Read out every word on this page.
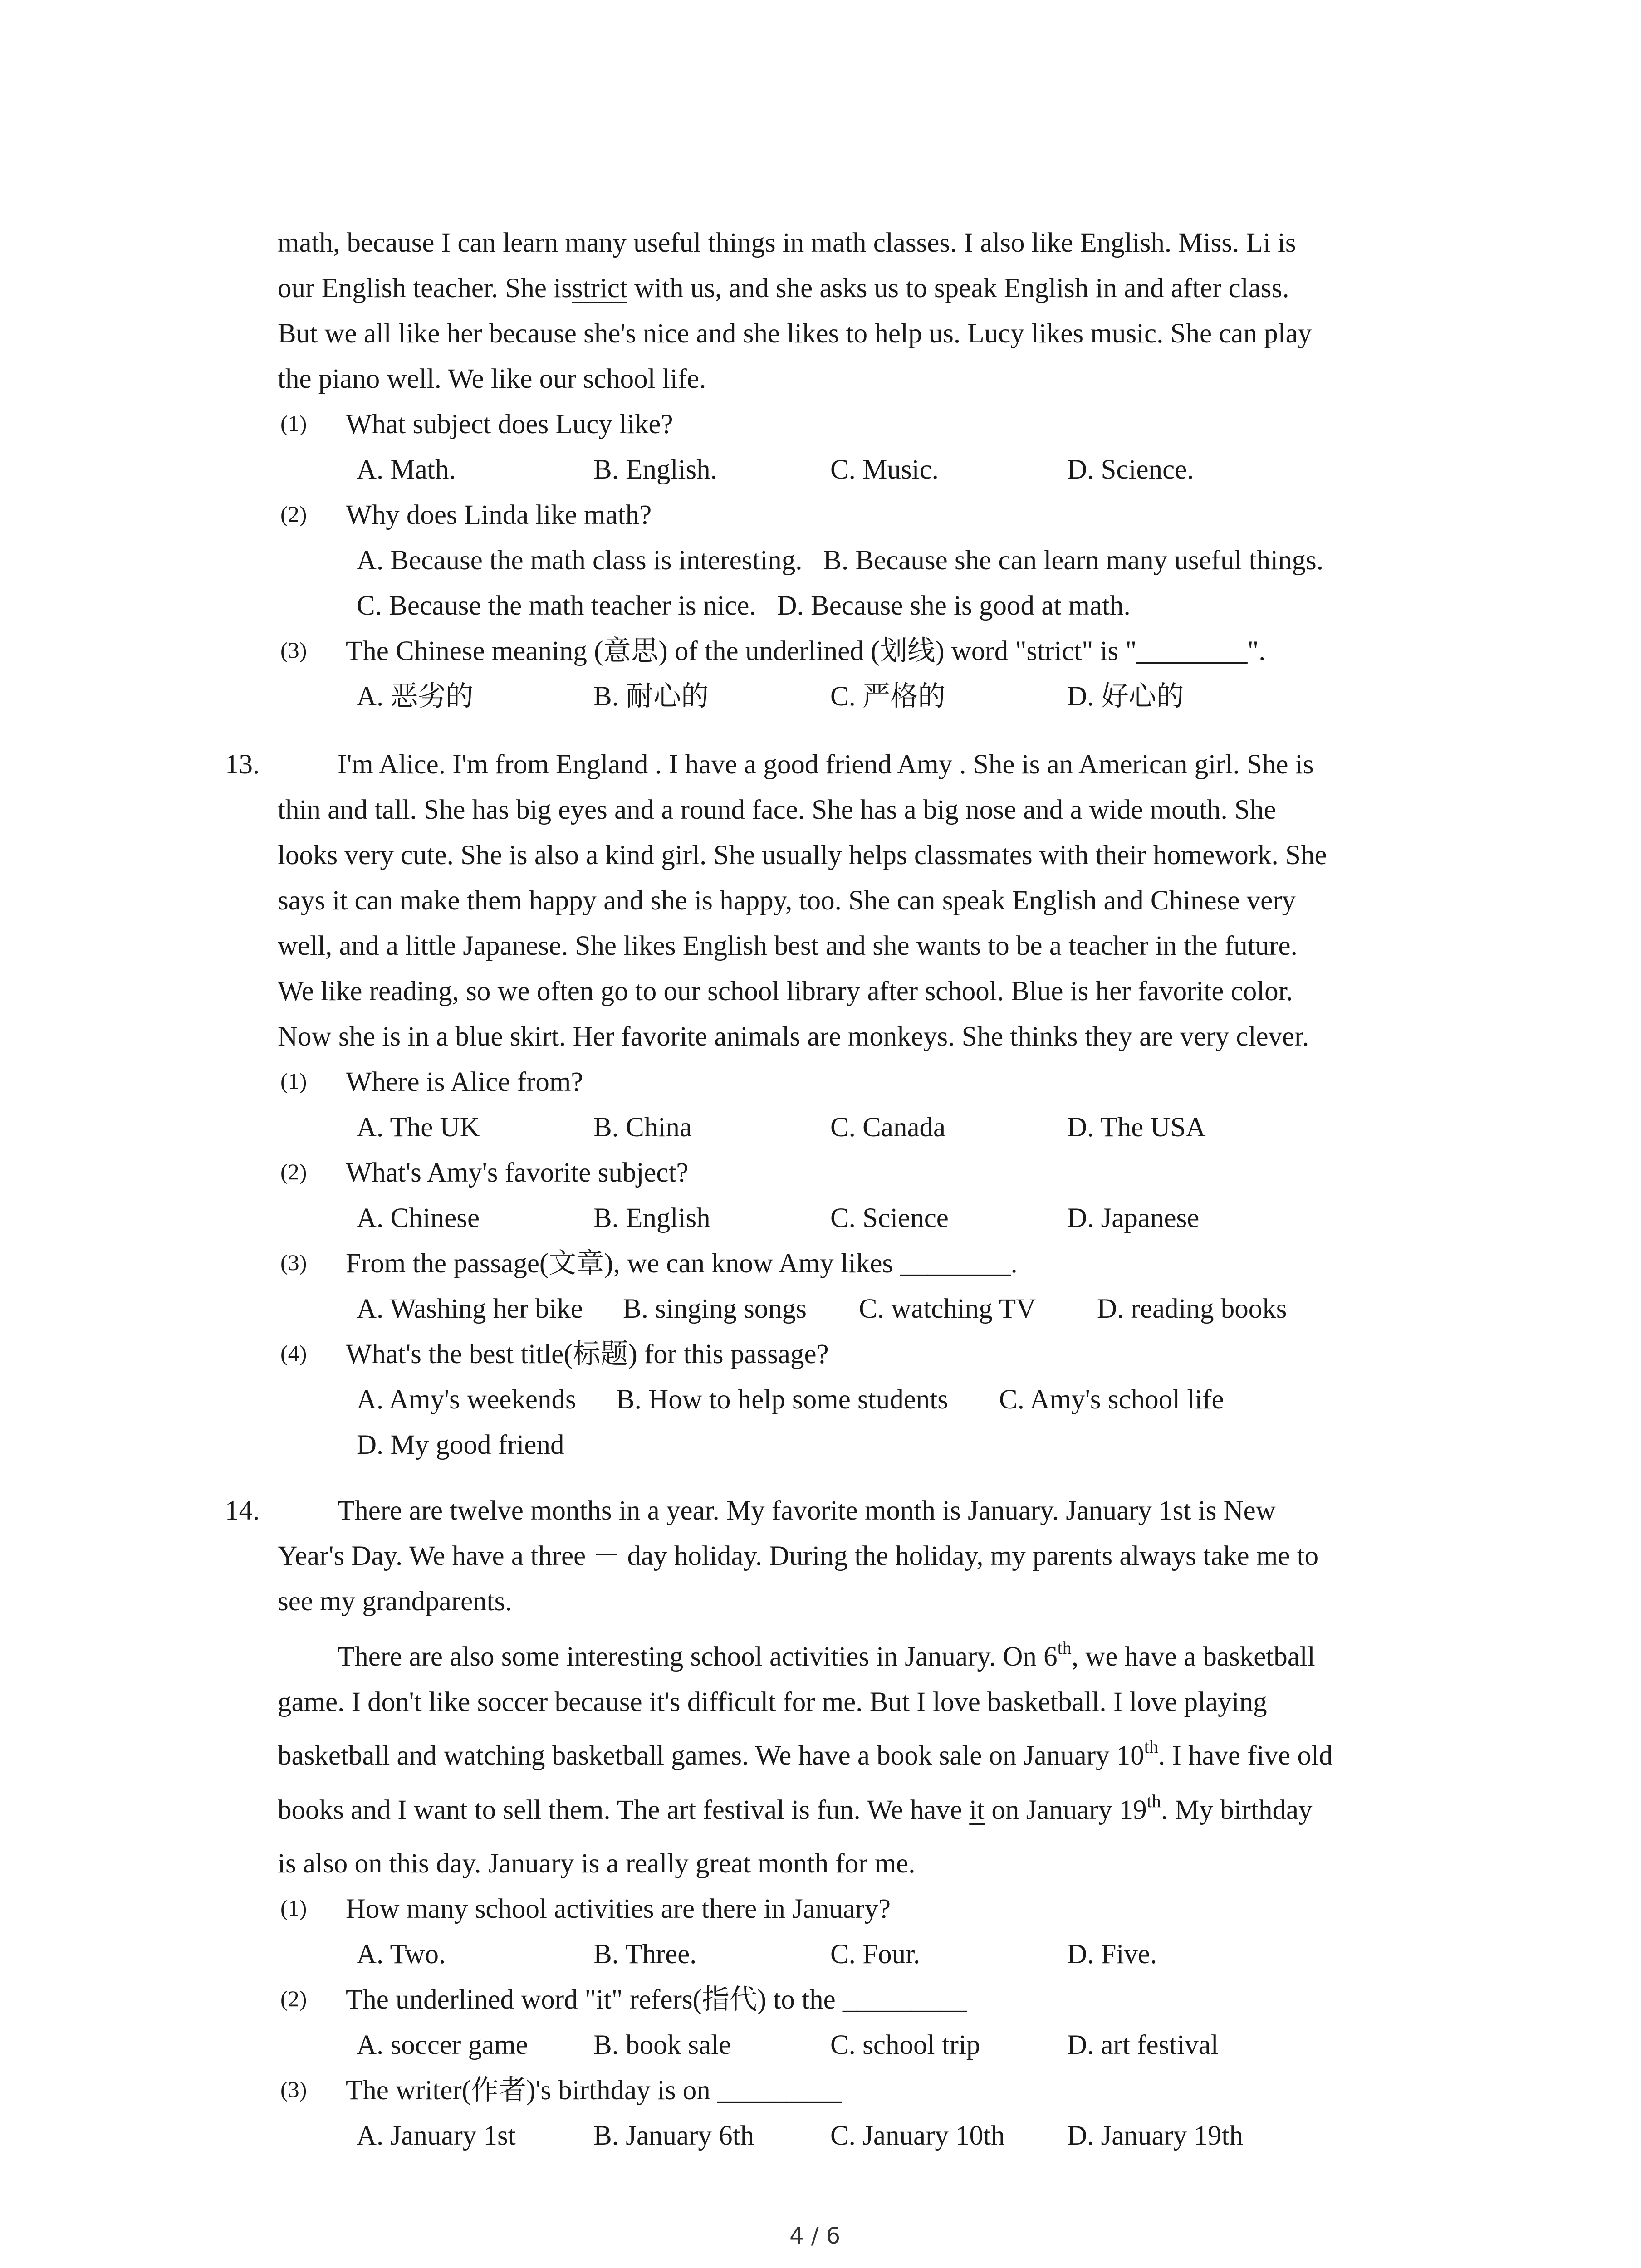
math, because I can learn many useful things in math classes. I also like English. Miss. Li is
our English teacher. She isstrict with us, and she asks us to speak English in and after class.
But we all like her because she's nice and she likes to help us. Lucy likes music. She can play
the piano well. We like our school life.
(1) What subject does Lucy like?
A. Math.	B. English.	C. Music.	D. Science.
(2) Why does Linda like math?
A. Because the math class is interesting. B. Because she can learn many useful things.
C. Because the math teacher is nice. D. Because she is good at math.
(3) The Chinese meaning (意思) of the underlined (划线) word "strict" is "________".
A. 恶劣的	B. 耐心的	C. 严格的	D. 好心的
13.	I'm Alice. I'm from England . I have a good friend Amy . She is an American girl. She is
thin and tall. She has big eyes and a round face. She has a big nose and a wide mouth. She
looks very cute. She is also a kind girl. She usually helps classmates with their homework. She
says it can make them happy and she is happy, too. She can speak English and Chinese very
well, and a little Japanese. She likes English best and she wants to be a teacher in the future.
We like reading, so we often go to our school library after school. Blue is her favorite color.
Now she is in a blue skirt. Her favorite animals are monkeys. She thinks they are very clever.
(1) Where is Alice from?
A. The UK	B. China	C. Canada	D. The USA
(2) What's Amy's favorite subject?
A. Chinese	B. English	C. Science	D. Japanese
(3) From the passage(文章), we can know Amy likes ________.
A. Washing her bike B. singing songs C. watching TV D. reading books
(4) What's the best title(标题) for this passage?
A. Amy's weekends B. How to help some students C. Amy's school life
D. My good friend
14.	There are twelve months in a year. My favorite month is January. January 1st is New
Year's Day. We have a three － day holiday. During the holiday, my parents always take me to
see my grandparents.
There are also some interesting school activities in January. On 6th, we have a basketball
game. I don't like soccer because it's difficult for me. But I love basketball. I love playing
basketball and watching basketball games. We have a book sale on January 10th. I have five old
books and I want to sell them. The art festival is fun. We have it on January 19th. My birthday
is also on this day. January is a really great month for me.
(1) How many school activities are there in January?
A. Two.	B. Three.	C. Four.	D. Five.
(2) The underlined word "it" refers(指代) to the _________
A. soccer game B. book sale	C. school trip	D. art festival
(3) The writer(作者)'s birthday is on _________
A. January 1st	B. January 6th	C. January 10th D. January 19th
4 / 6
